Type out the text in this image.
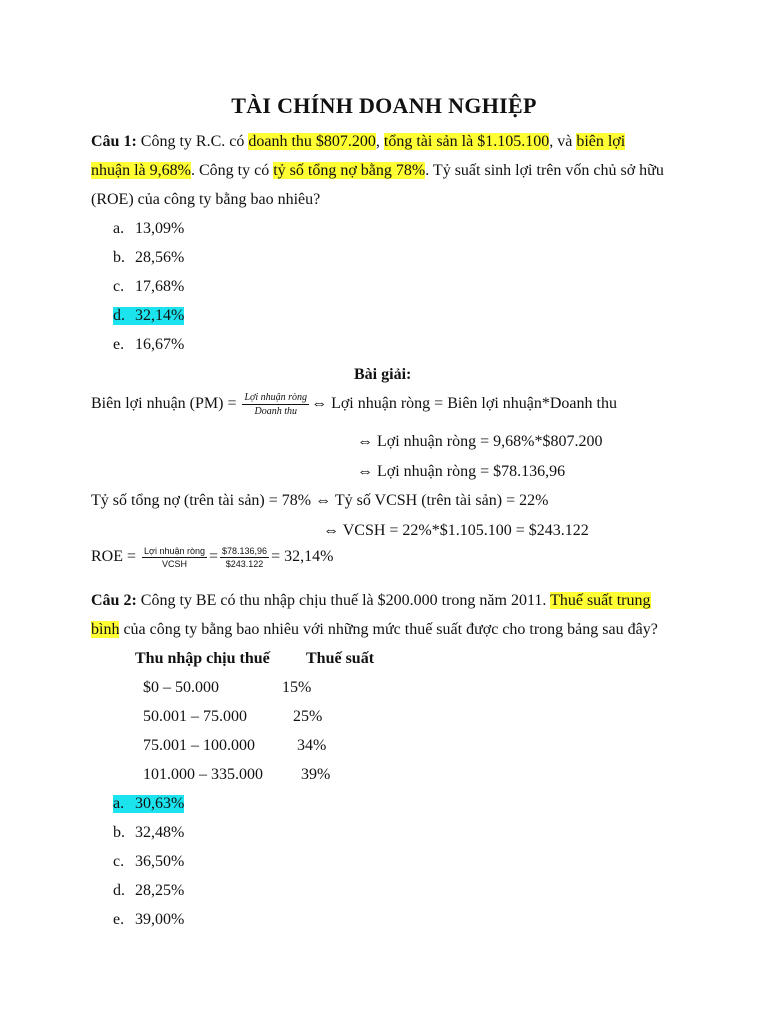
TÀI CHÍNH DOANH NGHIỆP
Câu 1: Công ty R.C. có doanh thu $807.200, tổng tài sản là $1.105.100, và biên lợi
nhuận là 9,68%. Công ty có tỷ số tổng nợ bằng 78%. Tỷ suất sinh lợi trên vốn chủ sở hữu
(ROE) của công ty bằng bao nhiêu?
a. 13,09%
b. 28,56%
c. 17,68%
d. 32,14%
e. 16,67%
Bài giải:
Biên lợi nhuận $(PM) = \frac{\text{Lợi nhuận ròng}}{\text{Doanh thu}}$ ⇔ Lợi nhuận ròng = Biên lợi nhuận*Doanh thu
⇔ Lợi nhuận ròng = 9,68%*$807.200
⇔ Lợi nhuận ròng = $78.136,96
Tỷ số tổng nợ (trên tài sản) = 78% ⇔ Tỷ số VCSH (trên tài sản) = 22%
⇔ VCSH = 22%*$1.105.100 = $243.122
ROE = $\frac{\text{Lợi nhuận ròng}}{\text{VCSH}} = \frac{\$78.136,96}{\$243.122} = 32,14\%$
Câu 2: Công ty BE có thu nhập chịu thuế là $200.000 trong năm 2011. Thuế suất trung
bình của công ty bằng bao nhiêu với những mức thuế suất được cho trong bảng sau đây?
Thu nhập chịu thuế Thuế suất
$0 – 50.000	15%
50.001 – 75.000	25%
75.001 – 100.000	34%
101.000 – 335.000 39%
a. 30,63%
b. 32,48%
c. 36,50%
d. 28,25%
e. 39,00%
